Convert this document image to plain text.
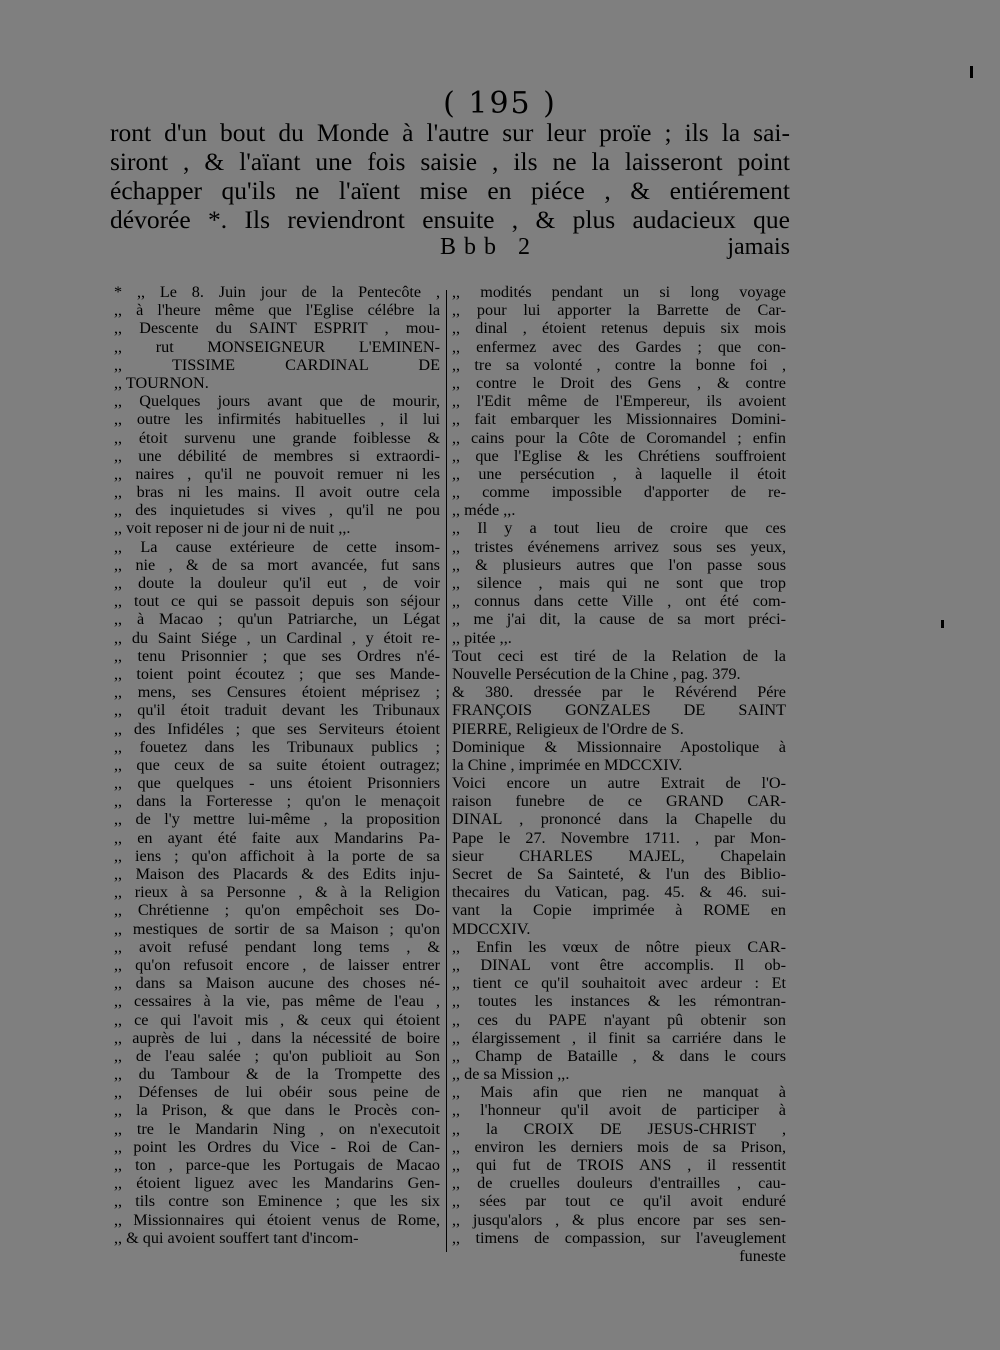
( 195 )
ront d'un bout du Monde à l'autre sur leur proïe ; ils la sai-
siront , & l'aïant une fois saisie , ils ne la laisseront point
échapper qu'ils ne l'aïent mise en piéce , & entiérement
dévorée *. Ils reviendront ensuite , & plus audacieux que
Bbb 2	jamais
* ,, Le 8. Juin jour de la Pentecôte ,
,, à l'heure même que l'Eglise célébre la
,, Descente du SAINT ESPRIT , mou-
,, rut MONSEIGNEUR L'EMINEN-
,, TISSIME CARDINAL DE
,, TOURNON.
,, Quelques jours avant que de mourir,
,, outre les infirmités habituelles , il lui
,, étoit survenu une grande foiblesse &
,, une débilité de membres si extraordi-
,, naires , qu'il ne pouvoit remuer ni les
,, bras ni les mains. Il avoit outre cela
,, des inquietudes si vives , qu'il ne pou
,, voit reposer ni de jour ni de nuit ,,.
,, La cause extérieure de cette insom-
,, nie , & de sa mort avancée, fut sans
,, doute la douleur qu'il eut , de voir
,, tout ce qui se passoit depuis son séjour
,, à Macao ; qu'un Patriarche, un Légat
,, du Saint Siége , un Cardinal , y étoit re-
,, tenu Prisonnier ; que ses Ordres n'é-
,, toient point écoutez ; que ses Mande-
,, mens, ses Censures étoient méprisez ;
,, qu'il étoit traduit devant les Tribunaux
,, des Infidéles ; que ses Serviteurs étoient
,, fouetez dans les Tribunaux publics ;
,, que ceux de sa suite étoient outragez;
,, que quelques - uns étoient Prisonniers
,, dans la Forteresse ; qu'on le menaçoit
,, de l'y mettre lui-même , la proposition
,, en ayant été faite aux Mandarins Pa-
,, iens ; qu'on affichoit à la porte de sa
,, Maison des Placards & des Edits inju-
,, rieux à sa Personne , & à la Religion
,, Chrétienne ; qu'on empêchoit ses Do-
,, mestiques de sortir de sa Maison ; qu'on
,, avoit refusé pendant long tems , &
,, qu'on refusoit encore , de laisser entrer
,, dans sa Maison aucune des choses né-
,, cessaires à la vie, pas même de l'eau ,
,, ce qui l'avoit mis , & ceux qui étoient
,, auprès de lui , dans la nécessité de boire
,, de l'eau salée ; qu'on publioit au Son
,, du Tambour & de la Trompette des
,, Défenses de lui obéir sous peine de
,, la Prison, & que dans le Procès con-
,, tre le Mandarin Ning , on n'executoit
,, point les Ordres du Vice - Roi de Can-
,, ton , parce-que les Portugais de Macao
,, étoient liguez avec les Mandarins Gen-
,, tils contre son Eminence ; que les six
,, Missionnaires qui étoient venus de Rome,
,, & qui avoient souffert tant d'incom-
,, modités pendant un si long voyage
,, pour lui apporter la Barrette de Car-
,, dinal , étoient retenus depuis six mois
,, enfermez avec des Gardes ; que con-
,, tre sa volonté , contre la bonne foi ,
,, contre le Droit des Gens , & contre
,, l'Edit même de l'Empereur, ils avoient
,, fait embarquer les Missionnaires Domini-
,, cains pour la Côte de Coromandel ; enfin
,, que l'Eglise & les Chrétiens souffroient
,, une persécution , à laquelle il étoit
,, comme impossible d'apporter de re-
,, méde ,,.
,, Il y a tout lieu de croire que ces
,, tristes événemens arrivez sous ses yeux,
,, & plusieurs autres que l'on passe sous
,, silence , mais qui ne sont que trop
,, connus dans cette Ville , ont été com-
,, me j'ai dit, la cause de sa mort préci-
,, pitée ,,.
Tout ceci est tiré de la Relation de la
Nouvelle Persécution de la Chine , pag. 379.
& 380. dressée par le Révérend Pére
FRANÇOIS GONZALES DE SAINT
PIERRE, Religieux de l'Ordre de S.
Dominique & Missionnaire Apostolique à
la Chine , imprimée en MDCCXIV.
Voici encore un autre Extrait de l'O-
raison funebre de ce GRAND CAR-
DINAL , prononcé dans la Chapelle du
Pape le 27. Novembre 1711. , par Mon-
sieur CHARLES MAJEL, Chapelain
Secret de Sa Sainteté, & l'un des Biblio-
thecaires du Vatican, pag. 45. & 46. sui-
vant la Copie imprimée à ROME en
MDCCXIV.
,, Enfin les vœux de nôtre pieux CAR-
,, DINAL vont être accomplis. Il ob-
,, tient ce qu'il souhaitoit avec ardeur : Et
,, toutes les instances & les rémontran-
,, ces du PAPE n'ayant pû obtenir son
,, élargissement , il finit sa carriére dans le
,, Champ de Bataille , & dans le cours
,, de sa Mission ,,.
,, Mais afin que rien ne manquat à
,, l'honneur qu'il avoit de participer à
,, la CROIX DE JESUS-CHRIST ,
,, environ les derniers mois de sa Prison,
,, qui fut de TROIS ANS , il ressentit
,, de cruelles douleurs d'entrailles , cau-
,, sées par tout ce qu'il avoit enduré
,, jusqu'alors , & plus encore par ses sen-
,, timens de compassion, sur l'aveuglement
funeste
